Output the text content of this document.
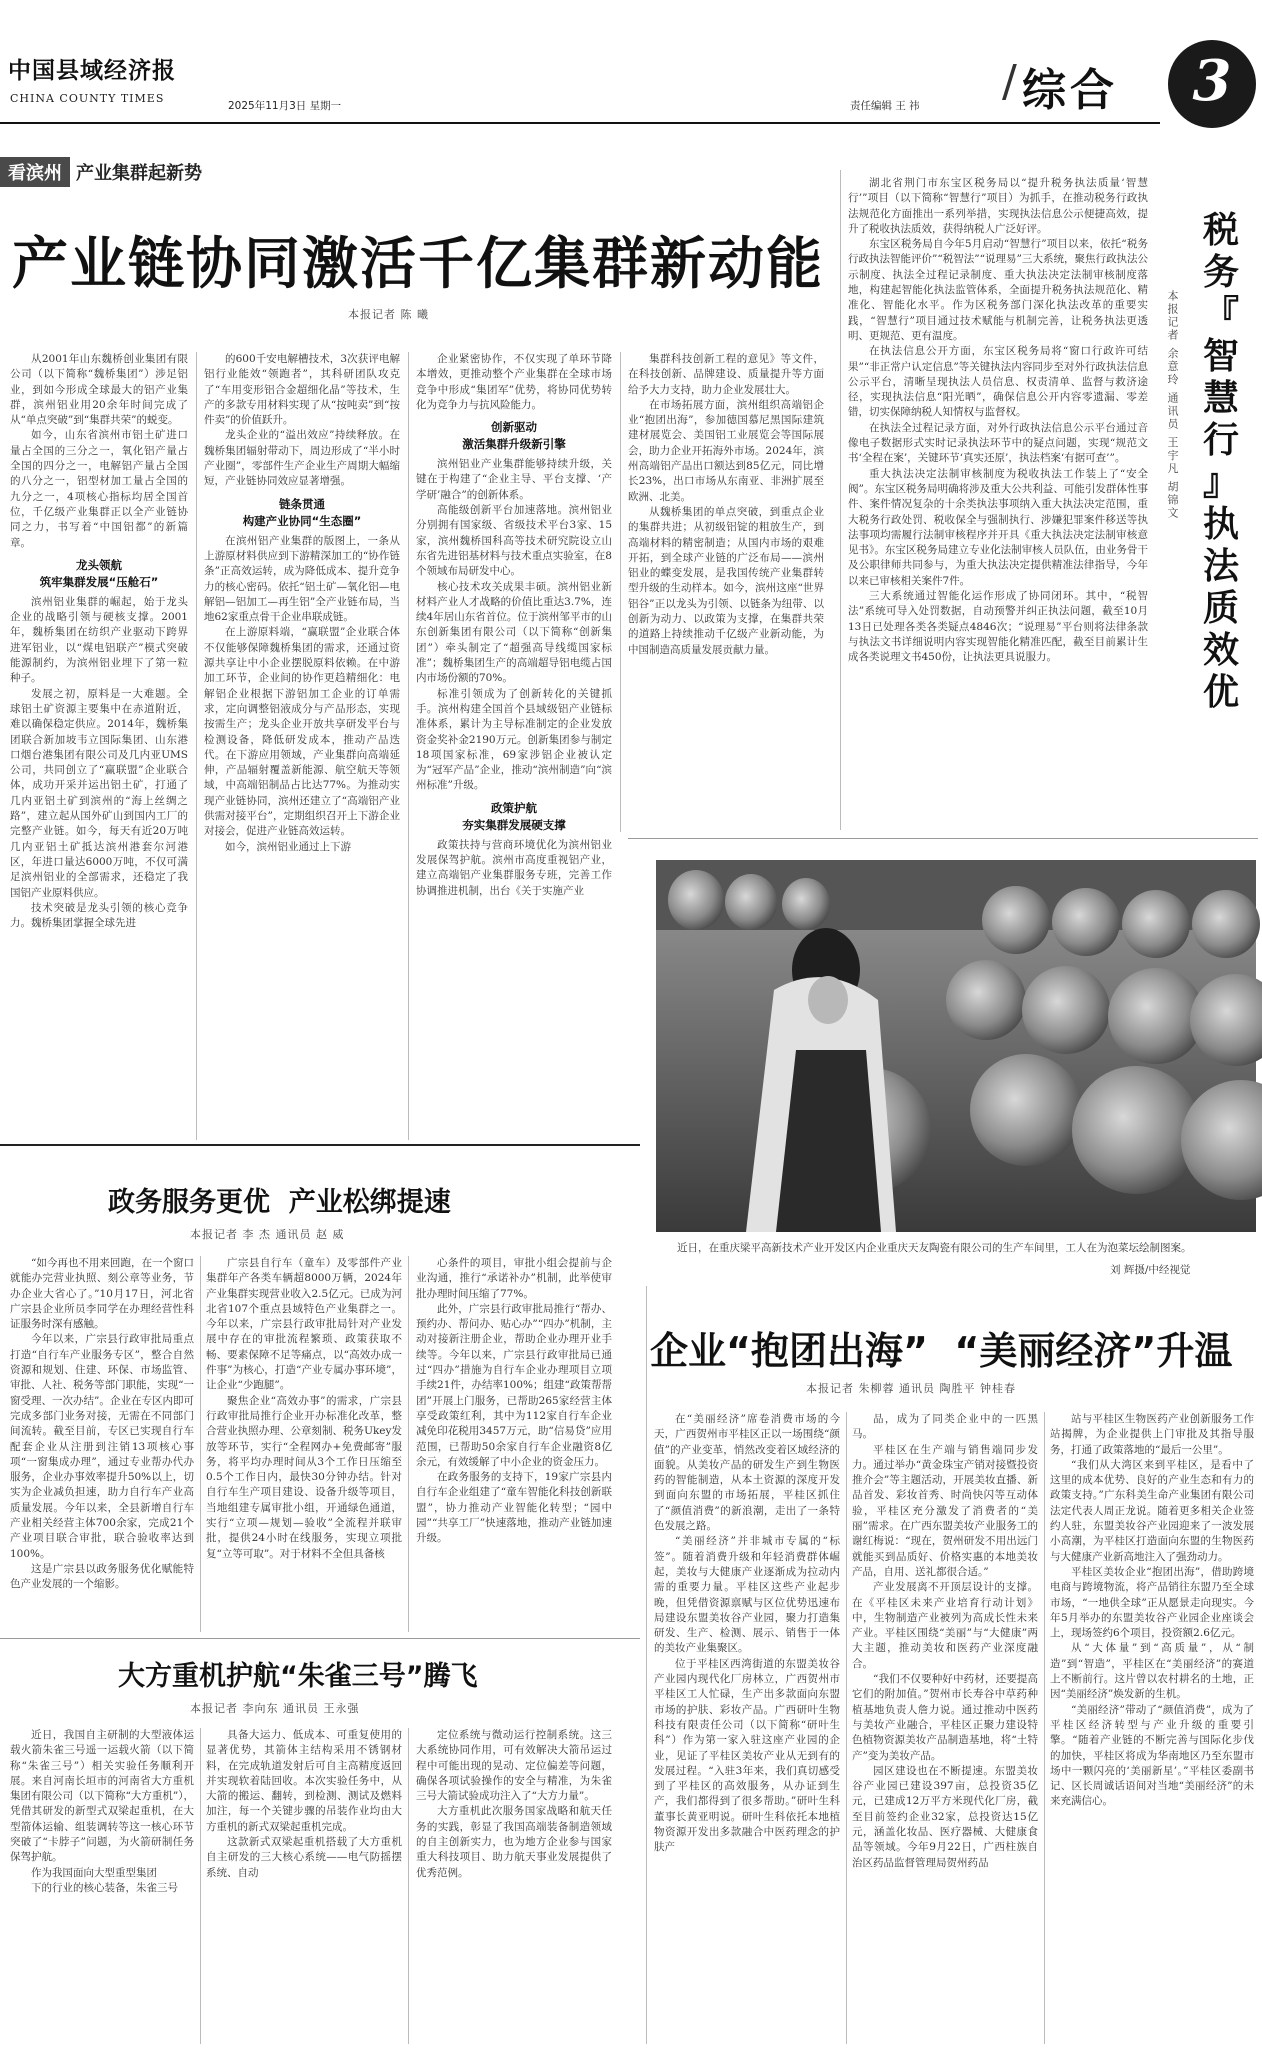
中国县域经济报
CHINA COUNTY TIMES
2025年11月3日 星期一	责任编辑 王 祎 / 综合	3
看滨州 产业集群起新势
产业链协同激活千亿集群新动能
本报记者 陈 曦

从2001年山东魏桥创业集团有限公司（以下简称“魏桥集团”）涉足铝业，到如今形成全球最大的铝产业集群，滨州铝业用20余年时间完成了从“单点突破”到“集群共荣”的蜕变。

如今，山东省滨州市铝土矿进口量占全国的三分之一，氧化铝产量占全国的四分之一，电解铝产量占全国的八分之一，铝型材加工量占全国的九分之一，4项核心指标均居全国首位，千亿级产业集群正以全产业链协同之力，书写着“中国铝都”的新篇章。

龙头领航
筑牢集群发展“压舱石”

滨州铝业集群的崛起，始于龙头企业的战略引领与硬核支撑。2001年，魏桥集团在纺织产业驱动下跨界进军铝业，以“煤电铝联产”模式突破能源制约，为滨州铝业埋下了第一粒种子。

发展之初，原料是一大难题。全球铝土矿资源主要集中在赤道附近，难以确保稳定供应。2014年，魏桥集团联合新加坡韦立国际集团、山东港口烟台港集团有限公司及几内亚UMS公司，共同创立了“赢联盟”企业联合体，成功开采并运出铝土矿，打通了几内亚铝土矿到滨州的“海上丝绸之路”，建立起从国外矿山到国内工厂的完整产业链。如今，每天有近20万吨几内亚铝土矿抵达滨州港套尔河港区，年进口量达6000万吨，不仅可满足滨州铝业的全部需求，还稳定了我国铝产业原料供应。

技术突破是龙头引领的核心竞争力。魏桥集团掌握全球先进

的600千安电解槽技术，3次获评电解铝行业能效“领跑者”，其科研团队攻克了“车用变形铝合金超细化晶”等技术，生产的多款专用材料实现了从“按吨卖”到“按件卖”的价值跃升。

龙头企业的“溢出效应”持续释放。在魏桥集团辐射带动下，周边形成了“半小时产业圈”，零部件生产企业生产周期大幅缩短，产业链协同效应显著增强。

链条贯通
构建产业协同“生态圈”

在滨州铝产业集群的版图上，一条从上游原材料供应到下游精深加工的“协作链条”正高效运转，成为降低成本、提升竞争力的核心密码。依托“铝土矿—氧化铝—电解铝—铝加工—再生铝”全产业链布局，当地62家重点骨干企业串联成链。

在上游原料端，“赢联盟”企业联合体不仅能够保障魏桥集团的需求，还通过资源共享让中小企业摆脱原料依赖。在中游加工环节，企业间的协作更趋精细化：电解铝企业根据下游铝加工企业的订单需求，定向调整铝液成分与产品形态，实现按需生产；龙头企业开放共享研发平台与检测设备，降低研发成本，推动产品迭代。在下游应用领域，产业集群向高端延伸，产品辐射覆盖新能源、航空航天等领域，中高端铝制品占比达77%。为推动实现产业链协同，滨州还建立了“高端铝产业供需对接平台”，定期组织召开上下游企业对接会，促进产业链高效运转。

如今，滨州铝业通过上下游

企业紧密协作，不仅实现了单环节降本增效，更推动整个产业集群在全球市场竞争中形成“集团军”优势，将协同优势转化为竞争力与抗风险能力。

创新驱动
激活集群升级新引擎

滨州铝业产业集群能够持续升级，关键在于构建了“企业主导、平台支撑、‘产学研’融合”的创新体系。

高能级创新平台加速落地。滨州铝业分别拥有国家级、省级技术平台3家、15家，滨州魏桥国科高等技术研究院设立山东省先进铝基材料与技术重点实验室，在8个领域布局研发中心。

核心技术攻关成果丰硕。滨州铝业新材料产业人才战略的价值比重达3.7%，连续4年居山东省首位。位于滨州邹平市的山东创新集团有限公司（以下简称“创新集团”）牵头制定了“超强高导线缆国家标准”；魏桥集团生产的高端超导铝电缆占国内市场份额的70%。

标准引领成为了创新转化的关键抓手。滨州构建全国首个县域级铝产业链标准体系，累计为主导标准制定的企业发放资金奖补金2190万元。创新集团参与制定18项国家标准，69家涉铝企业被认定为“冠军产品”企业，推动“滨州制造”向“滨州标准”升级。

政策护航
夯实集群发展硬支撑

政策扶持与营商环境优化为滨州铝业发展保驾护航。滨州市高度重视铝产业，建立高端铝产业集群服务专班，完善工作协调推进机制，出台《关于实施产业

集群科技创新工程的意见》等文件，在科技创新、品牌建设、质量提升等方面给予大力支持，助力企业发展壮大。

在市场拓展方面，滨州组织高端铝企业“抱团出海”，参加德国慕尼黑国际建筑建材展览会、美国铝工业展览会等国际展会，助力企业开拓海外市场。2024年，滨州高端铝产品出口额达到85亿元，同比增长23%，出口市场从东南亚、非洲扩展至欧洲、北美。

从魏桥集团的单点突破，到重点企业的集群共进；从初级铝锭的粗放生产，到高端材料的精密制造；从国内市场的艰难开拓，到全球产业链的广泛布局——滨州铝业的蝶变发展，是我国传统产业集群转型升级的生动样本。如今，滨州这座“世界铝谷”正以龙头为引领、以链条为纽带、以创新为动力、以政策为支撑，在集群共荣的道路上持续推动千亿级产业新动能，为中国制造高质量发展贡献力量。

湖北省荆门市东宝区税务局以“提升税务执法质量‘智慧行’”项目（以下简称“智慧行”项目）为抓手，在推动税务行政执法规范化方面推出一系列举措，实现执法信息公示便捷高效，提升了税收执法质效，获得纳税人广泛好评。

东宝区税务局自今年5月启动“智慧行”项目以来，依托“税务行政执法智能评价”“税智法”“说理易”三大系统，聚焦行政执法公示制度、执法全过程记录制度、重大执法决定法制审核制度落地，构建起智能化执法监管体系，全面提升税务执法规范化、精准化、智能化水平。作为区税务部门深化执法改革的重要实践，“智慧行”项目通过技术赋能与机制完善，让税务执法更透明、更规范、更有温度。

在执法信息公开方面，东宝区税务局将“窗口行政许可结果”“非正常户认定信息”等关键执法内容同步至对外行政执法信息公示平台，清晰呈现执法人员信息、权责清单、监督与救济途径，实现执法信息“阳光晒”，确保信息公开内容零遗漏、零差错，切实保障纳税人知情权与监督权。

在执法全过程记录方面，对外行政执法信息公示平台通过音像电子数据形式实时记录执法环节中的疑点问题，实现“规范文书‘全程在案’，关键环节‘真实还原’，执法档案‘有据可查’”。

重大执法决定法制审核制度为税收执法工作装上了“安全阀”。东宝区税务局明确将涉及重大公共利益、可能引发群体性事件、案件情况复杂的十余类执法事项纳入重大执法决定范围，重大税务行政处罚、税收保全与强制执行、涉嫌犯罪案件移送等执法事项均需履行法制审核程序并开具《重大执法决定法制审核意见书》。东宝区税务局建立专业化法制审核人员队伍，由业务骨干及公职律师共同参与，为重大执法决定提供精准法律指导，今年以来已审核相关案件7件。

三大系统通过智能化运作形成了协同闭环。其中，“税智法”系统可导入处罚数据，自动预警并纠正执法问题，截至10月13日已处理各类各类疑点4846次；“说理易”平台则将法律条款与执法文书详细说明内容实现智能化精准匹配，截至目前累计生成各类说理文书450份，让执法更具说服力。

税
务
『
智
慧
行
』
执
法
质
效
优
本报记者 余意玲 通讯员 王宇凡 胡锦文
近日，在重庆梁平高新技术产业开发区内企业重庆天友陶瓷有限公司的生产车间里，工人在为泡菜坛绘制图案。
刘 辉摄/中经视觉
政务服务更优  产业松绑提速
本报记者 李 杰 通讯员 赵 威

“如今再也不用来回跑，在一个窗口就能办完营业执照、刻公章等业务，节办企业大省心了。”10月17日，河北省广宗县企业所员李同学在办理经营性科证服务时深有感触。

今年以来，广宗县行政审批局重点打造“自行车产业服务专区”，整合自然资源和规划、住建、环保、市场监管、审批、人社、税务等部门职能，实现“一窗受理、一次办结”。企业在专区内即可完成多部门业务对接，无需在不同部门间流转。截至目前，专区已实现自行车配套企业从注册到注销13项核心事项“一窗集成办理”，通过专业帮办代办服务，企业办事效率提升50%以上，切实为企业减负担速，助力自行车产业高质量发展。今年以来，全县新增自行车产业相关经营主体700余家，完成21个产业项目联合审批，联合验收率达到100%。

这是广宗县以政务服务优化赋能特色产业发展的一个缩影。

广宗县自行车（童车）及零部件产业集群年产各类车辆超8000万辆，2024年产业集群实现营业收入2.5亿元。已成为河北省107个重点县域特色产业集群之一。今年以来，广宗县行政审批局针对产业发展中存在的审批流程繁琐、政策获取不畅、要素保障不足等痛点，以“高效办成一件事”为核心，打造“产业专属办事环境”，让企业“少跑腿”。

聚焦企业“高效办事”的需求，广宗县行政审批局推行企业开办标准化改革，整合营业执照办理、公章刻制、税务Ukey发放等环节，实行“全程网办+免费邮寄”服务，将平均办理时间从3个工作日压缩至0.5个工作日内，最快30分钟办结。针对自行车生产项目建设、设备升级等项目，当地组建专属审批小组，开通绿色通道，实行“立项—规划—验收”全流程并联审批，提供24小时在线服务，实现立项批复“立等可取”。对于材料不全但具备核

心条件的项目，审批小组会提前与企业沟通，推行“承诺补办”机制，此举使审批办理时间压缩了77%。

此外，广宗县行政审批局推行“帮办、预约办、帮问办、贴心办”“四办”机制，主动对接新注册企业，帮助企业办理开业手续等。今年以来，广宗县行政审批局已通过“四办”措施为自行车企业办理项目立项手续21件，办结率100%；组建“政策帮帮团”开展上门服务，已帮助265家经营主体享受政策红利，其中为112家自行车企业减免印花税用3457万元，助“信易贷”应用范围，已帮助50余家自行车企业融资8亿余元，有效缓解了中小企业的资金压力。

在政务服务的支持下，19家广宗县内自行车企业组建了“童车智能化科技创新联盟”，协力推动产业智能化转型；“园中园”“共享工厂”快速落地，推动产业链加速升级。

大方重机护航“朱雀三号”腾飞
本报记者 李向东 通讯员 王永强

近日，我国自主研制的大型液体运载火箭朱雀三号遥一运载火箭（以下简称“朱雀三号”）相关实验任务顺利开展。来自河南长垣市的河南省大方重机集团有限公司（以下简称“大方重机”），凭借其研发的新型式双梁起重机，在大型箭体运输、组装调转等这一核心环节突破了“卡脖子”问题，为火箭研制任务保驾护航。

作为我国面向大型重型集团

下的行业的核心装备，朱雀三号

具备大运力、低成本、可重复使用的显著优势，其箭体主结构采用不锈钢材料，在完成轨道发射后可自主高精度返回并实现软着陆回收。本次实验任务中，从大箭的搬运、翻转，到检测、测试及燃料加注，每一个关键步骤的吊装作业均由大方重机的新式双梁起重机完成。

这款新式双梁起重机搭载了大方重机自主研发的三大核心系统——电气防摇摆系统、自动

定位系统与微动运行控制系统。这三大系统协同作用，可有效解决大箭吊运过程中可能出现的晃动、定位偏差等问题，确保各项试验操作的安全与精准，为朱雀三号大箭试验成功注入了“大方力量”。

大方重机此次服务国家战略和航天任务的实践，彰显了我国高端装备制造领域的自主创新实力，也为地方企业参与国家重大科技项目、助力航天事业发展提供了优秀范例。

企业“抱团出海”  “美丽经济”升温
本报记者 朱柳蓉 通讯员 陶胜平 钟桂春

在“美丽经济”席卷消费市场的今天，广西贺州市平桂区正以一场围绕“颜值”的产业变革，悄然改变着区域经济的面貌。从美妆产品的研发生产到生物医药的智能制造，从本土资源的深度开发到面向东盟的市场拓展，平桂区抓住了“颜值消费”的新浪潮，走出了一条特色发展之路。

“美丽经济”并非城市专属的“标签”。随着消费升级和年轻消费群体崛起，美妆与大健康产业逐渐成为拉动内需的重要力量。平桂区这些产业起步晚，但凭借资源禀赋与区位优势迅速布局建设东盟美妆谷产业园，聚力打造集研发、生产、检测、展示、销售于一体的美妆产业集聚区。

位于平桂区西湾街道的东盟美妆谷产业园内现代化厂房林立，广西贺州市平桂区工人忙碌，生产出多款面向东盟市场的护肤、彩妆产品。广西研叶生物科技有限责任公司（以下简称“研叶生科”）作为第一家入驻这座产业园的企业，见证了平桂区美妆产业从无到有的发展过程。“入驻3年来，我们真切感受到了平桂区的高效服务，从办证到生产，我们都得到了很多帮助。”研叶生科董事长黄亚明说。研叶生科依托本地植物资源开发出多款融合中医药理念的护肤产

品，成为了同类企业中的一匹黑马。

平桂区在生产端与销售端同步发力。通过举办“黄金珠宝产销对接暨投资推介会”等主题活动，开展美妆直播、新品首发、彩妆首秀、时尚快闪等互动体验，平桂区充分激发了消费者的“美丽”需求。在广西东盟美妆产业服务工的谢红梅说：“现在，贺州研发不用出远门就能买到品质好、价格实惠的本地美妆产品，自用、送礼都很合适。”

产业发展离不开顶层设计的支撑。在《平桂区未来产业培育行动计划》中，生物制造产业被列为高成长性未来产业。平桂区围绕“美丽”与“大健康”两大主题，推动美妆和医药产业深度融合。

“我们不仅要种好中药材，还要提高它们的附加值。”贺州市长寿谷中草药种植基地负责人詹力说。通过推动中医药与美妆产业融合，平桂区正聚力建设特色植物资源美妆产品制造基地，将“土特产”变为美妆产品。

园区建设也在不断提速。东盟美妆谷产业园已建设397亩，总投资35亿元，已建成12万平方米现代化厂房，截至目前签约企业32家，总投资达15亿元，涵盖化妆品、医疗器械、大健康食品等领域。今年9月22日，广西柱族自治区药品监督管理局贺州药品

站与平桂区生物医药产业创新服务工作站揭牌，为企业提供上门审批及其指导服务，打通了政策落地的“最后一公里”。

“我们从大湾区来到平桂区，是看中了这里的成本优势、良好的产业生态和有力的政策支持。”广东科美生命产业集团有限公司法定代表人周正龙说。随着更多相关企业签约人驻，东盟美妆谷产业园迎来了一波发展小高潮，为平桂区打造面向东盟的生物医药与大健康产业新高地注入了强劲动力。

平桂区美妆企业“抱团出海”，借助跨境电商与跨境物流，将产品销往东盟乃至全球市场，“一地供全球”正从愿景走向现实。今年5月举办的东盟美妆谷产业园企业座谈会上，现场签约6个项目，投资额2.6亿元。

从“大体量”到“高质量”，从“制造”到“智造”，平桂区在“美丽经济”的赛道上不断前行。这片曾以农村耕名的土地，正因“美丽经济”焕发新的生机。

“美丽经济”带动了“颜值消费”，成为了平桂区经济转型与产业升级的重要引擎。“随着产业链的不断完善与国际化步伐的加快，平桂区将成为华南地区乃至东盟市场中一颗闪亮的‘美丽新星’。”平桂区委副书记、区长周诚话语间对当地“美丽经济”的未来充满信心。
